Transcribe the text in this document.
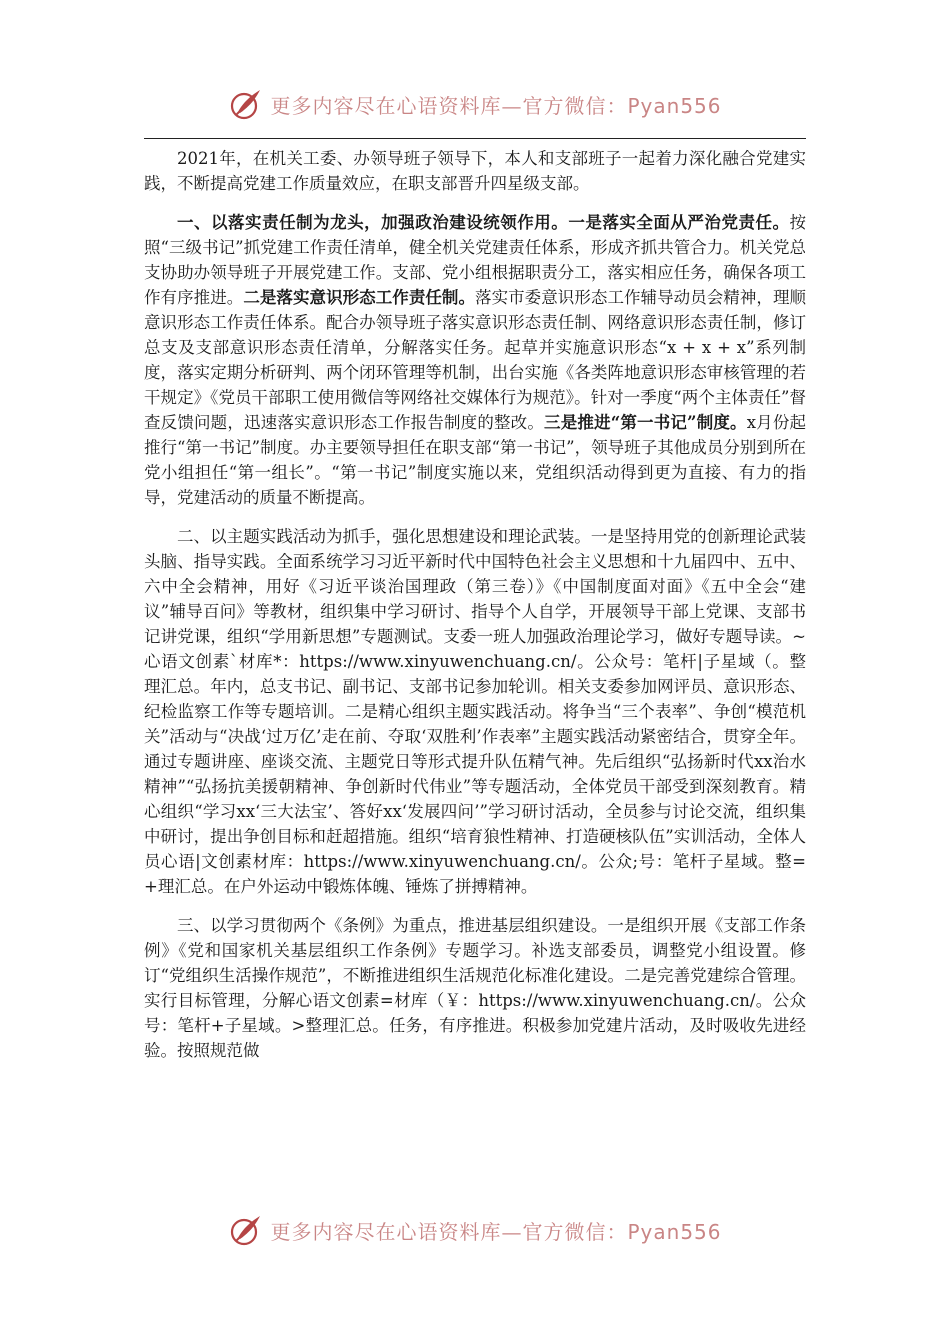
更多内容尽在心语资料库—官方微信：Pyan556

2021年，在机关工委、办领导班子领导下，本人和支部班子一起着力深化融合党建实践，不断提高党建工作质量效应，在职支部晋升四星级支部。

一、以落实责任制为龙头，加强政治建设统领作用。一是落实全面从严治党责任。按照“三级书记”抓党建工作责任清单，健全机关党建责任体系，形成齐抓共管合力。机关党总支协助办领导班子开展党建工作。支部、党小组根据职责分工，落实相应任务，确保各项工作有序推进。二是落实意识形态工作责任制。落实市委意识形态工作辅导动员会精神，理顺意识形态工作责任体系。配合办领导班子落实意识形态责任制、网络意识形态责任制，修订总支及支部意识形态责任清单，分解落实任务。起草并实施意识形态“x + x + x”系列制度，落实定期分析研判、两个闭环管理等机制，出台实施《各类阵地意识形态审核管理的若干规定》《党员干部职工使用微信等网络社交媒体行为规范》。针对一季度“两个主体责任”督查反馈问题，迅速落实意识形态工作报告制度的整改。三是推进“第一书记”制度。x月份起推行“第一书记”制度。办主要领导担任在职支部“第一书记”，领导班子其他成员分别到所在党小组担任“第一组长”。“第一书记”制度实施以来，党组织活动得到更为直接、有力的指导，党建活动的质量不断提高。

二、以主题实践活动为抓手，强化思想建设和理论武装。一是坚持用党的创新理论武装头脑、指导实践。全面系统学习习近平新时代中国特色社会主义思想和十九届四中、五中、六中全会精神，用好《习近平谈治国理政（第三卷）》《中国制度面对面》《五中全会“建议”辅导百问》等教材，组织集中学习研讨、指导个人自学，开展领导干部上党课、支部书记讲党课，组织“学用新思想”专题测试。支委一班人加强政治理论学习，做好专题导读。~心语文创素`材库*：https://www.xinyuwenchuang.cn/。公众号：笔杆|子星域（。整理汇总。年内，总支书记、副书记、支部书记参加轮训。相关支委参加网评员、意识形态、纪检监察工作等专题培训。二是精心组织主题实践活动。将争当“三个表率”、争创“模范机关”活动与“决战‘过万亿’走在前、夺取‘双胜利’作表率”主题实践活动紧密结合，贯穿全年。通过专题讲座、座谈交流、主题党日等形式提升队伍精气神。先后组织“弘扬新时代xx治水精神”“弘扬抗美援朝精神、争创新时代伟业”等专题活动，全体党员干部受到深刻教育。精心组织“学习xx‘三大法宝’、答好xx‘发展四问’”学习研讨活动，全员参与讨论交流，组织集中研讨，提出争创目标和赶超措施。组织“培育狼性精神、打造硬核队伍”实训活动，全体人员心语|文创素材库：https://www.xinyuwenchuang.cn/。公众;号：笔杆子星域。整=+理汇总。在户外运动中锻炼体魄、锤炼了拼搏精神。

三、以学习贯彻两个《条例》为重点，推进基层组织建设。一是组织开展《支部工作条例》《党和国家机关基层组织工作条例》专题学习。补选支部委员，调整党小组设置。修订“党组织生活操作规范”，不断推进组织生活规范化标准化建设。二是完善党建综合管理。实行目标管理，分解心语文创素=材库（￥：https://www.xinyuwenchuang.cn/。公众号：笔杆+子星域。>整理汇总。任务，有序推进。积极参加党建片活动，及时吸收先进经验。按照规范做

更多内容尽在心语资料库—官方微信：Pyan556
